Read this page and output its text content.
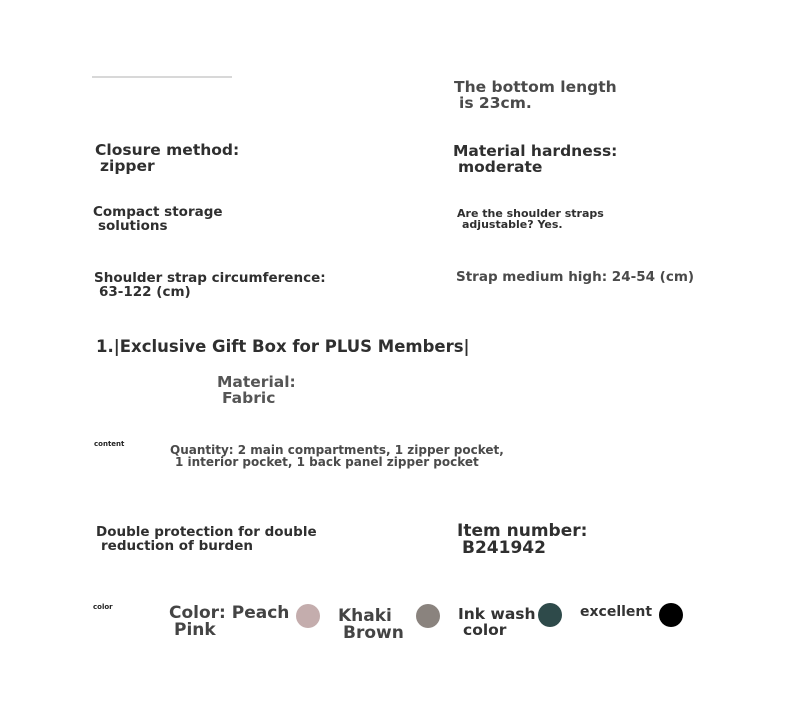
Closure method:
zipper
Compact storage
solutions
Shoulder strap circumference:
63-122 (cm)
1.|Exclusive Gift Box for PLUS Members|
Material:
Fabric
content	Quantity: 2 main compartments, 1 zipper pocket,
1 interior pocket, 1 back panel zipper pocket
Double protection for double
reduction of burden
The bottom length
is 23cm.
Material hardness:
moderate
Are the shoulder straps
adjustable? Yes.
Strap medium high: 24-54 (cm)
Item number:
B241942
color	Color: Peach
Pink
Khaki
Brown
Ink wash
color
excellent
